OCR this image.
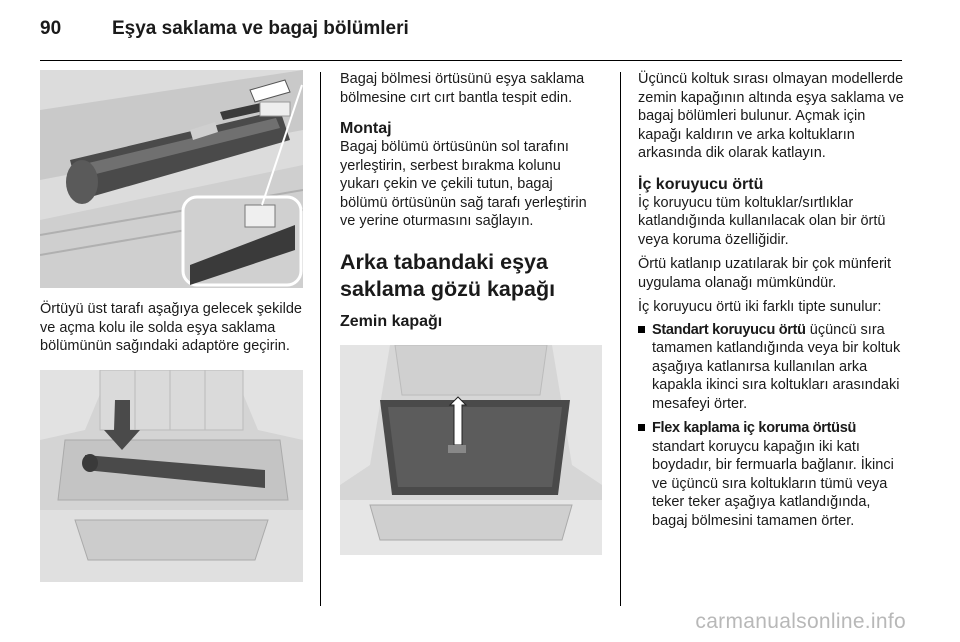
90	Eşya saklama ve bagaj bölümleri

Örtüyü üst tarafı aşağıya gelecek şekilde ve açma kolu ile solda eşya saklama bölümünün sağındaki adaptöre geçirin.

Bagaj bölmesi örtüsünü eşya saklama bölmesine cırt cırt bantla tespit edin.

Montaj

Bagaj bölümü örtüsünün sol tarafını yerleştirin, serbest bırakma kolunu yukarı çekin ve çekili tutun, bagaj bölümü örtüsünün sağ tarafı yerleştirin ve yerine oturmasını sağlayın.

Arka tabandaki eşya saklama gözü kapağı
Zemin kapağı

Üçüncü koltuk sırası olmayan modellerde zemin kapağının altında eşya saklama ve bagaj bölümleri bulunur. Açmak için kapağı kaldırın ve arka koltukların arkasında dik olarak katlayın.

İç koruyucu örtü

İç koruyucu tüm koltuklar/sırtlıklar katlandığında kullanılacak olan bir örtü veya koruma özelliğidir.

Örtü katlanıp uzatılarak bir çok münferit uygulama olanağı mümkündür.

İç koruyucu örtü iki farklı tipte sunulur:

Standart koruyucu örtü üçüncü sıra tamamen katlandığında veya bir koltuk aşağıya katlanırsa kullanılan arka kapakla ikinci sıra koltukları arasındaki mesafeyi örter.
Flex kaplama iç koruma örtüsü standart koruycu kapağın iki katı boydadır, bir fermuarla bağlanır. İkinci ve üçüncü sıra koltukların tümü veya teker teker aşağıya katlandığında, bagaj bölmesini tamamen örter.
carmanualsonline.info
